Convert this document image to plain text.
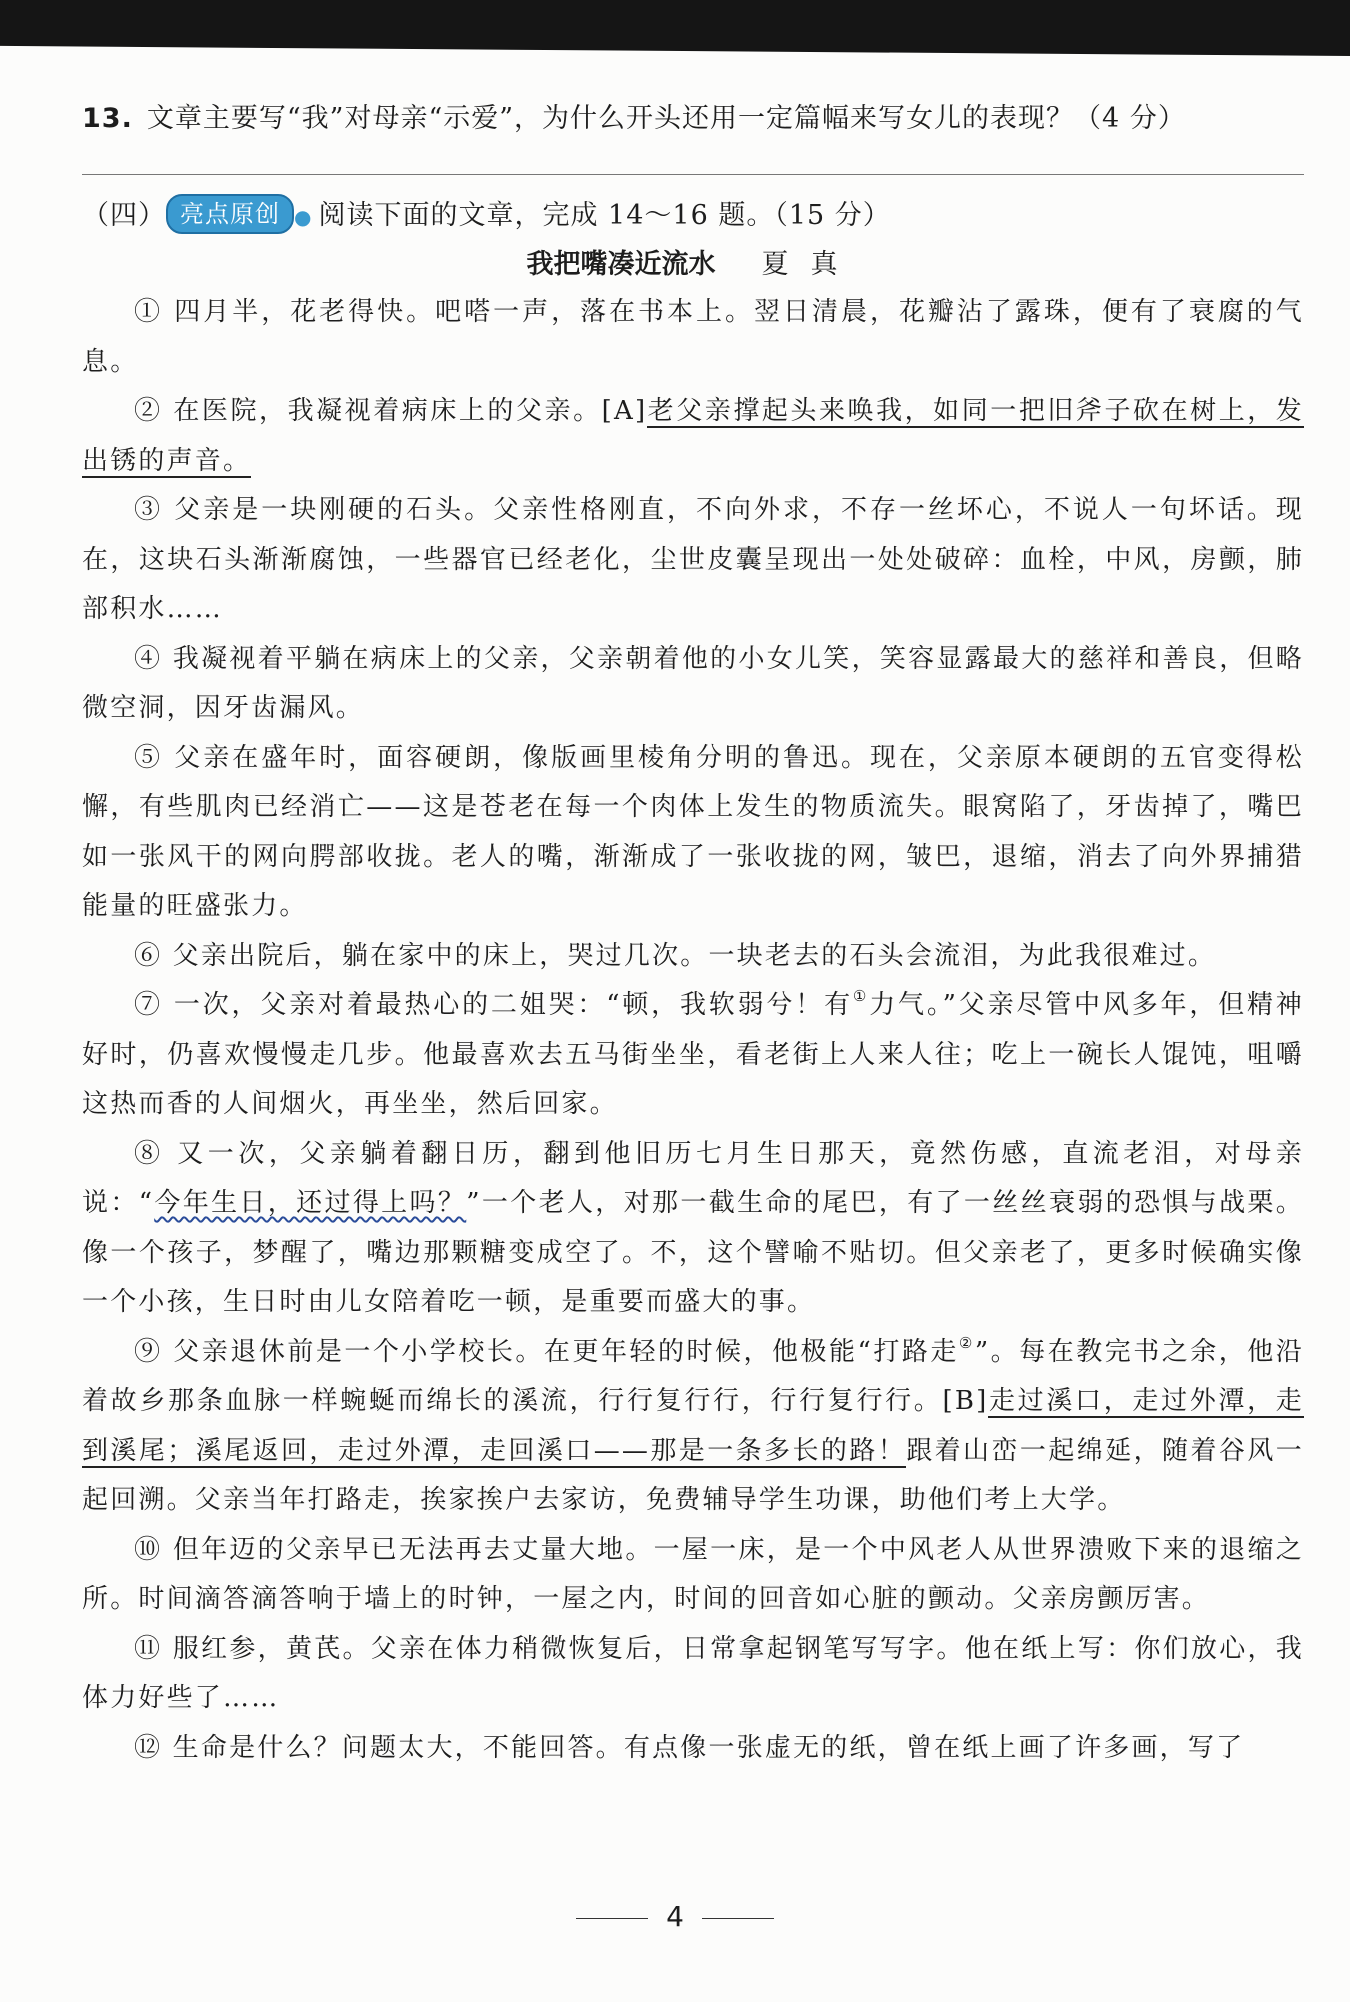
13. 文章主要写“我”对母亲“示爱”，为什么开头还用一定篇幅来写女儿的表现？（4 分）
（四） 亮点原创 ● 阅读下面的文章，完成 14～16 题。（15 分）
我把嘴凑近流水 夏真

① 四月半，花老得快。吧嗒一声，落在书本上。翌日清晨，花瓣沾了露珠，便有了衰腐的气息。

② 在医院，我凝视着病床上的父亲。[A]老父亲撑起头来唤我，如同一把旧斧子砍在树上，发出锈的声音。

③ 父亲是一块刚硬的石头。父亲性格刚直，不向外求，不存一丝坏心，不说人一句坏话。现在，这块石头渐渐腐蚀，一些器官已经老化，尘世皮囊呈现出一处处破碎：血栓，中风，房颤，肺部积水……

④ 我凝视着平躺在病床上的父亲，父亲朝着他的小女儿笑，笑容显露最大的慈祥和善良，但略微空洞，因牙齿漏风。

⑤ 父亲在盛年时，面容硬朗，像版画里棱角分明的鲁迅。现在，父亲原本硬朗的五官变得松懈，有些肌肉已经消亡——这是苍老在每一个肉体上发生的物质流失。眼窝陷了，牙齿掉了，嘴巴如一张风干的网向腭部收拢。老人的嘴，渐渐成了一张收拢的网，皱巴，退缩，消去了向外界捕猎能量的旺盛张力。

⑥ 父亲出院后，躺在家中的床上，哭过几次。一块老去的石头会流泪，为此我很难过。

⑦ 一次，父亲对着最热心的二姐哭：“顿，我软弱兮！有①力气。”父亲尽管中风多年，但精神好时，仍喜欢慢慢走几步。他最喜欢去五马街坐坐，看老街上人来人往；吃上一碗长人馄饨，咀嚼这热而香的人间烟火，再坐坐，然后回家。

⑧ 又一次，父亲躺着翻日历，翻到他旧历七月生日那天，竟然伤感，直流老泪，对母亲说：“今年生日，还过得上吗？”一个老人，对那一截生命的尾巴，有了一丝丝衰弱的恐惧与战栗。像一个孩子，梦醒了，嘴边那颗糖变成空了。不，这个譬喻不贴切。但父亲老了，更多时候确实像一个小孩，生日时由儿女陪着吃一顿，是重要而盛大的事。

⑨ 父亲退休前是一个小学校长。在更年轻的时候，他极能“打路走②”。每在教完书之余，他沿着故乡那条血脉一样蜿蜒而绵长的溪流，行行复行行，行行复行行。[B]走过溪口，走过外潭，走到溪尾；溪尾返回，走过外潭，走回溪口——那是一条多长的路！跟着山峦一起绵延，随着谷风一起回溯。父亲当年打路走，挨家挨户去家访，免费辅导学生功课，助他们考上大学。

⑩ 但年迈的父亲早已无法再去丈量大地。一屋一床，是一个中风老人从世界溃败下来的退缩之所。时间滴答滴答响于墙上的时钟，一屋之内，时间的回音如心脏的颤动。父亲房颤厉害。

⑪ 服红参，黄芪。父亲在体力稍微恢复后，日常拿起钢笔写写字。他在纸上写：你们放心，我体力好些了……

⑫ 生命是什么？问题太大，不能回答。有点像一张虚无的纸，曾在纸上画了许多画，写了

4
